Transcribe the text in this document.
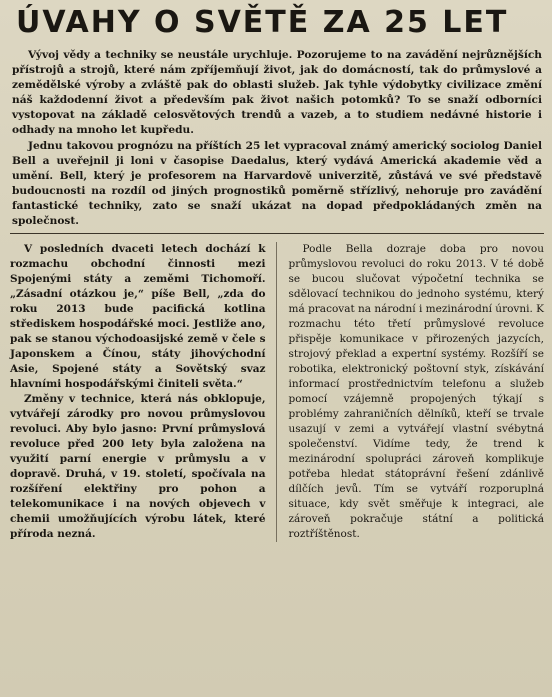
ÚVAHY O SVĚTĚ ZA 25 LET

Vývoj vědy a techniky se neustále urychluje. Pozorujeme to na zavádění nejrůznějších přístrojů a strojů, které nám zpříjemňují život, jak do domácností, tak do průmyslové a zemědělské výroby a zvláště pak do oblasti služeb. Jak tyhle výdobytky civilizace změní náš každodenní život a především pak život našich potomků? To se snaží odborníci vystopovat na základě celosvětových trendů a vazeb, a to studiem nedávné historie i odhady na mnoho let kupředu.

Jednu takovou prognózu na příštích 25 let vypracoval známý americký sociolog Daniel Bell a uveřejnil ji loni v časopise Daedalus, který vydává Americká akademie věd a umění. Bell, který je profesorem na Harvardově univerzitě, zůstává ve své představě budoucnosti na rozdíl od jiných prognostiků poměrně střízlivý, nehoruje pro zavádění fantastické techniky, zato se snaží ukázat na dopad předpokládaných změn na společnost.

V posledních dvaceti letech dochází k rozmachu obchodní činnosti mezi Spojenými státy a zeměmi Tichomoří. „Zásadní otázkou je,“ píše Bell, „zda do roku 2013 bude pacifická kotlina střediskem hospodářské moci. Jestliže ano, pak se stanou východoasijské země v čele s Japonskem a Čínou, státy jihovýchodní Asie, Spojené státy a Sovětský svaz hlavními hospodářskými činiteli světa.“

Změny v technice, která nás obklopuje, vytvářejí zárodky pro novou průmyslovou revoluci. Aby bylo jasno: První průmyslová revoluce před 200 lety byla založena na využití parní energie v průmyslu a v dopravě. Druhá, v 19. století, spočívala na rozšíření elektřiny pro pohon a telekomunikace i na nových objevech v chemii umožňujících výrobu látek, které příroda nezná.

Podle Bella dozraje doba pro novou průmyslovou revoluci do roku 2013. V té době se bucou slučovat výpočetní technika se sdělovací technikou do jednoho systému, který má pracovat na národní i mezinárodní úrovni. K rozmachu této třetí průmyslové revoluce přispěje komunikace v přirozených jazycích, strojový překlad a expertní systémy. Rozšíří se robotika, elektronický poštovní styk, získávání informací prostřednictvím telefonu a služeb pomocí vzájemně propojených týkají s problémy zahraničních dělníků, kteří se trvale usazují v zemi a vytvářejí vlastní svébytná společenství. Vidíme tedy, že trend k mezinárodní spolupráci zároveň komplikuje potřeba hledat státoprávní řešení zdánlivě dílčích jevů. Tím se vytváří rozporuplná situace, kdy svět směřuje k integraci, ale zároveň pokračuje státní a politická roztříštěnost.
